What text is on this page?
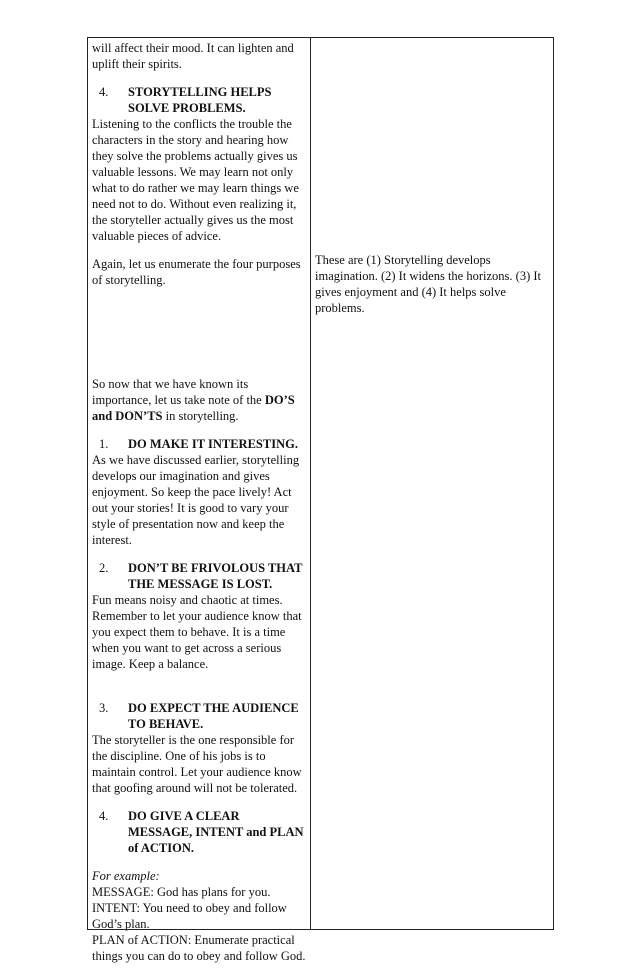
will affect their mood. It can lighten and uplift their spirits.

4.	STORYTELLING HELPS SOLVE PROBLEMS.

Listening to the conflicts the trouble the characters in the story and hearing how they solve the problems actually gives us valuable lessons. We may learn not only what to do rather we may learn things we need not to do. Without even realizing it, the storyteller actually gives us the most valuable pieces of advice.

Again, let us enumerate the four purposes of storytelling.

So now that we have known its importance, let us take note of the DO’S and DON’TS in storytelling.

1.	DO MAKE IT INTERESTING.

As we have discussed earlier, storytelling develops our imagination and gives enjoyment. So keep the pace lively! Act out your stories! It is good to vary your style of presentation now and keep the interest.

2.	DON’T BE FRIVOLOUS THAT THE MESSAGE IS LOST.

Fun means noisy and chaotic at times. Remember to let your audience know that you expect them to behave. It is a time when you want to get across a serious image. Keep a balance.

3.	DO EXPECT THE AUDIENCE TO BEHAVE.

The storyteller is the one responsible for the discipline. One of his jobs is to maintain control. Let your audience know that goofing around will not be tolerated.

4.	DO GIVE A CLEAR MESSAGE, INTENT and PLAN of ACTION.

For example:

MESSAGE: God has plans for you.

INTENT: You need to obey and follow God’s plan.

PLAN of ACTION: Enumerate practical things you can do to obey and follow God.

These are (1) Storytelling develops imagination. (2) It widens the horizons. (3) It gives enjoyment and (4) It helps solve problems.
